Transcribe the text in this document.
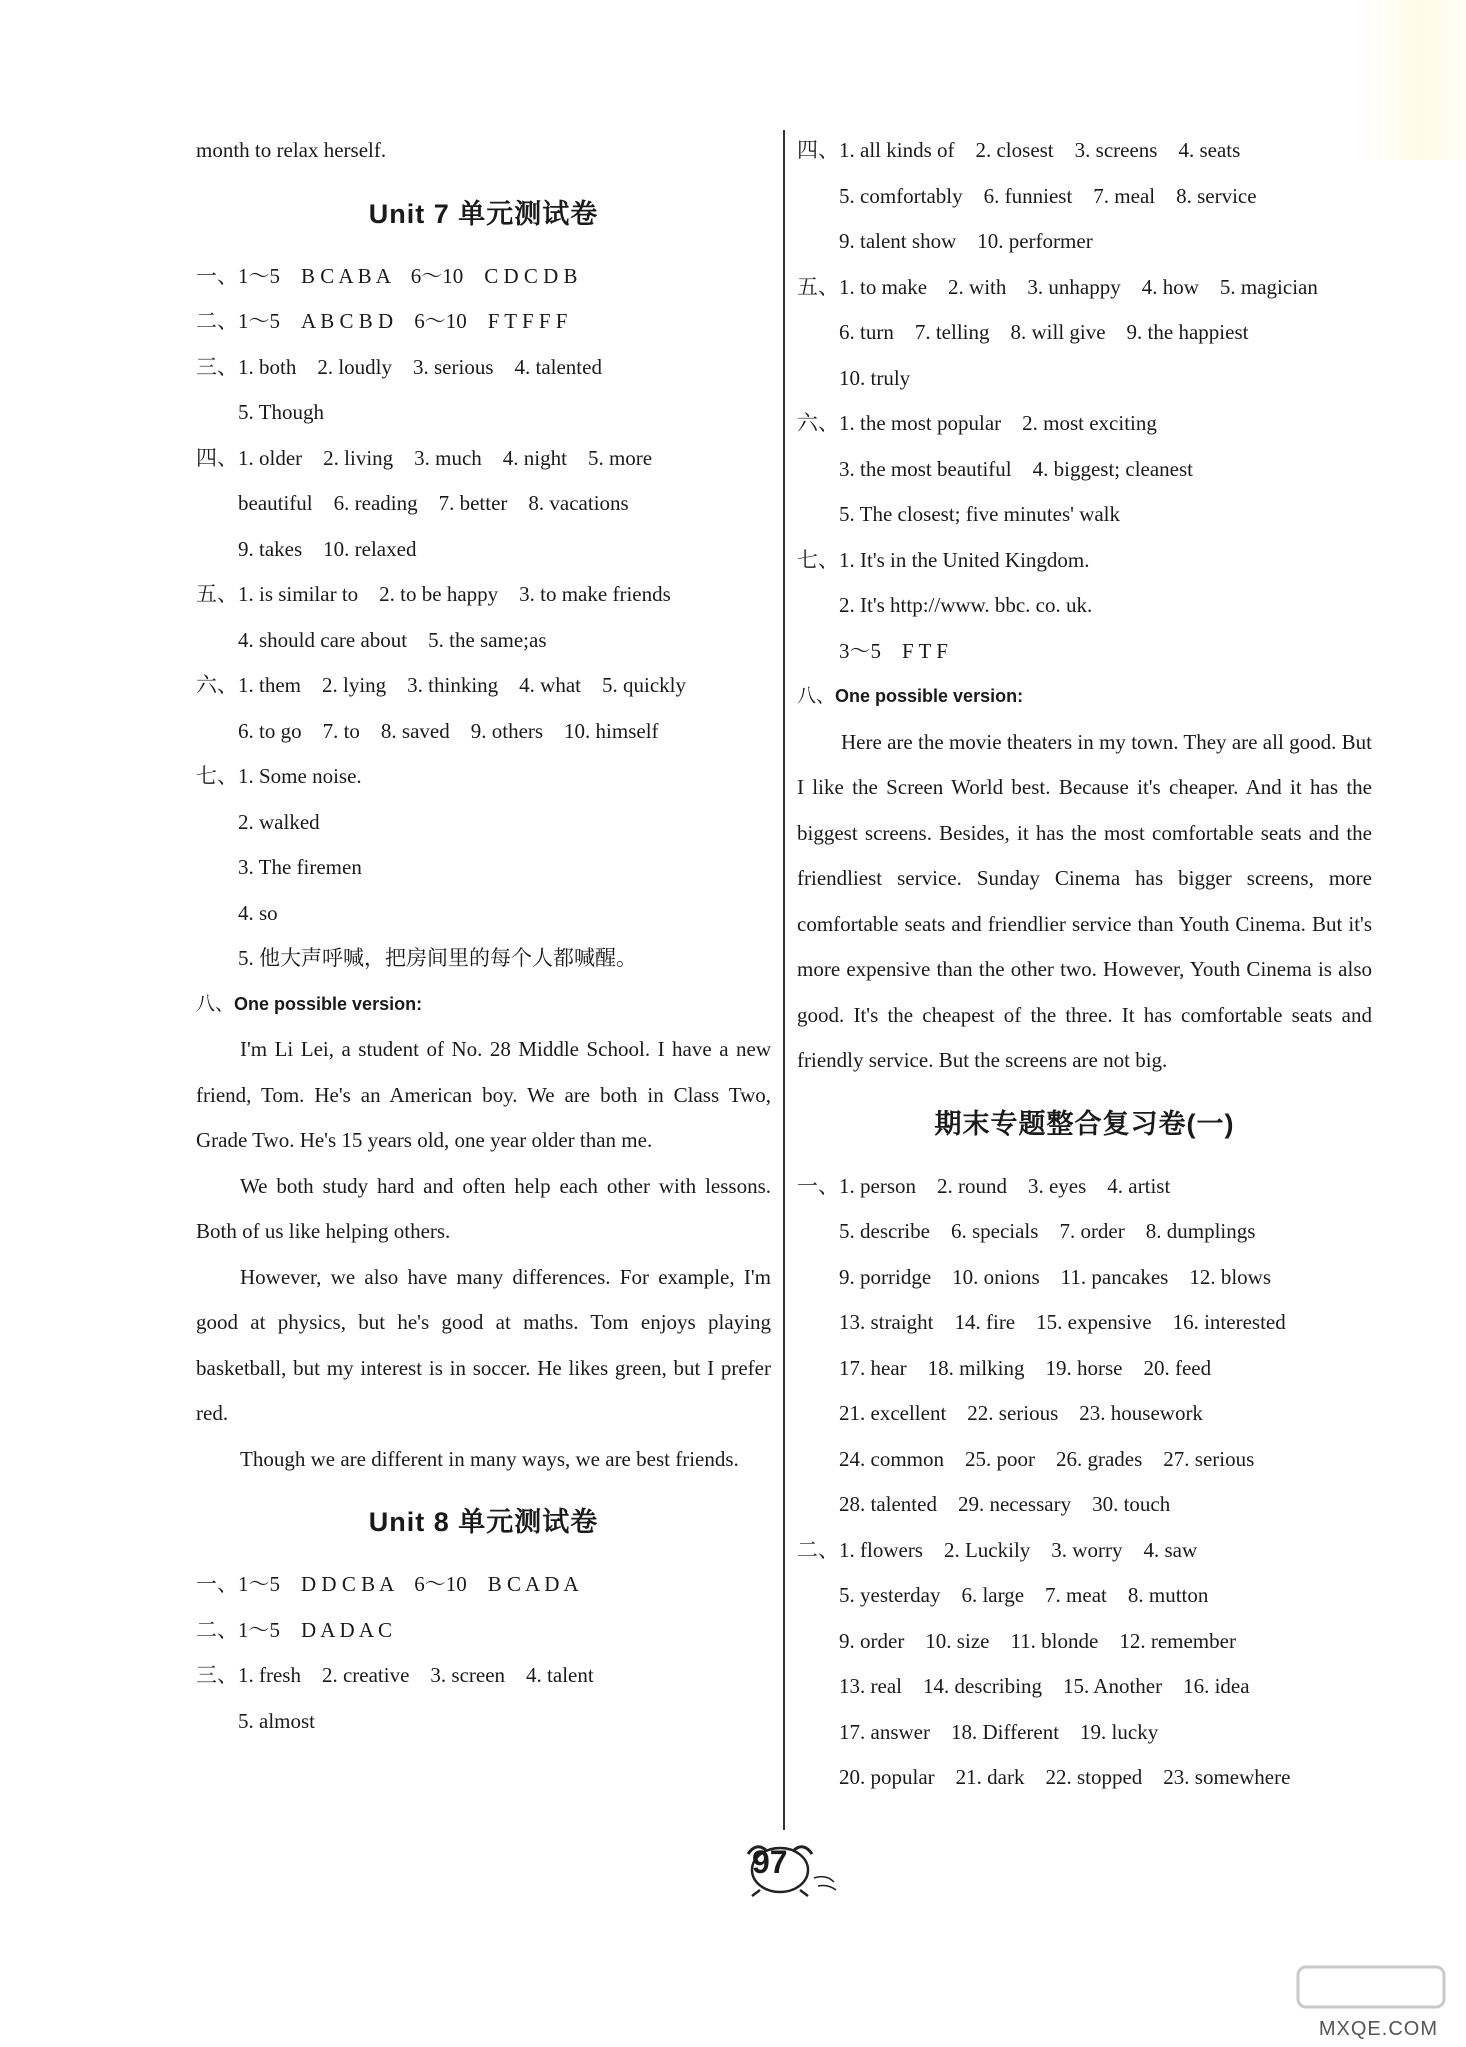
month to relax herself.
Unit 7 单元测试卷
一、1～5　B C A B A　6～10　C D C D B
二、1～5　A B C B D　6～10　F T F F F
三、1. both　2. loudly　3. serious　4. talented
5. Though
四、1. older　2. living　3. much　4. night　5. more
beautiful　6. reading　7. better　8. vacations
9. takes　10. relaxed
五、1. is similar to　2. to be happy　3. to make friends
4. should care about　5. the same;as
六、1. them　2. lying　3. thinking　4. what　5. quickly
6. to go　7. to　8. saved　9. others　10. himself
七、1. Some noise.
2. walked
3. The firemen
4. so
5. 他大声呼喊，把房间里的每个人都喊醒。
八、One possible version:
I'm Li Lei, a student of No. 28 Middle School. I have a new friend, Tom. He's an American boy. We are both in Class Two, Grade Two. He's 15 years old, one year older than me.
We both study hard and often help each other with lessons. Both of us like helping others.
However, we also have many differences. For example, I'm good at physics, but he's good at maths. Tom enjoys playing basketball, but my interest is in soccer. He likes green, but I prefer red.
Though we are different in many ways, we are best friends.
Unit 8 单元测试卷
一、1～5　D D C B A　6～10　B C A D A
二、1～5　D A D A C
三、1. fresh　2. creative　3. screen　4. talent
5. almost
四、1. all kinds of　2. closest　3. screens　4. seats
5. comfortably　6. funniest　7. meal　8. service
9. talent show　10. performer
五、1. to make　2. with　3. unhappy　4. how　5. magician
6. turn　7. telling　8. will give　9. the happiest
10. truly
六、1. the most popular　2. most exciting
3. the most beautiful　4. biggest; cleanest
5. The closest; five minutes' walk
七、1. It's in the United Kingdom.
2. It's http://www. bbc. co. uk.
3～5　F T F
八、One possible version:
Here are the movie theaters in my town. They are all good. But I like the Screen World best. Because it's cheaper. And it has the biggest screens. Besides, it has the most comfortable seats and the friendliest service. Sunday Cinema has bigger screens, more comfortable seats and friendlier service than Youth Cinema. But it's more expensive than the other two. However, Youth Cinema is also good. It's the cheapest of the three. It has comfortable seats and friendly service. But the screens are not big.
期末专题整合复习卷(一)
一、1. person　2. round　3. eyes　4. artist
5. describe　6. specials　7. order　8. dumplings
9. porridge　10. onions　11. pancakes　12. blows
13. straight　14. fire　15. expensive　16. interested
17. hear　18. milking　19. horse　20. feed
21. excellent　22. serious　23. housework
24. common　25. poor　26. grades　27. serious
28. talented　29. necessary　30. touch
二、1. flowers　2. Luckily　3. worry　4. saw
5. yesterday　6. large　7. meat　8. mutton
9. order　10. size　11. blonde　12. remember
13. real　14. describing　15. Another　16. idea
17. answer　18. Different　19. lucky
20. popular　21. dark　22. stopped　23. somewhere
97
MXQE.COM
